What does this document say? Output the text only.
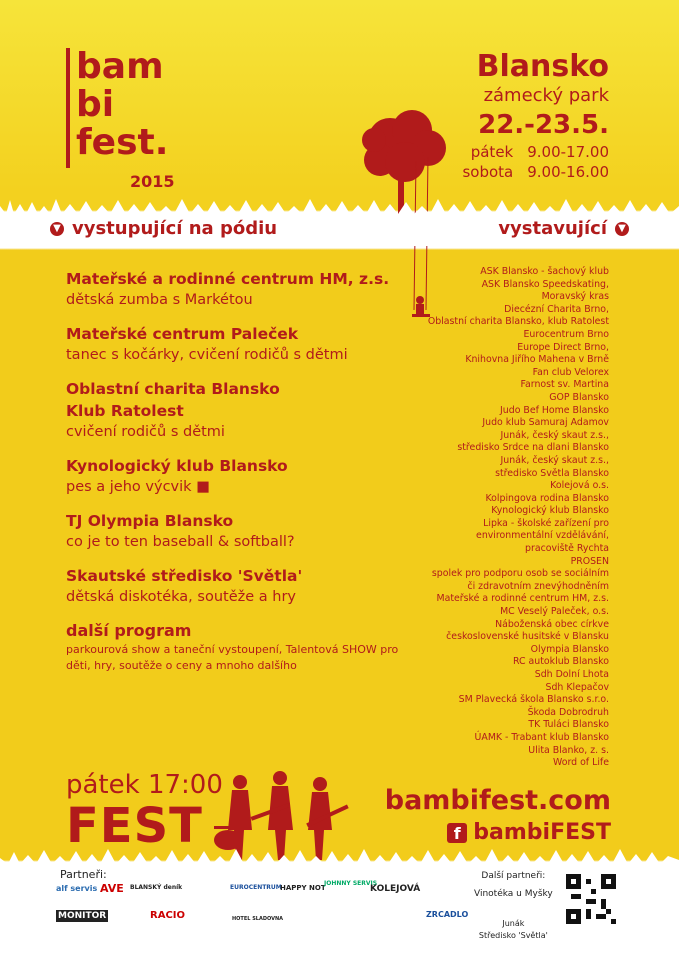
bam
bi
fest.
2015
Blansko
zámecký park
22.-23.5.
pátek 9.00-17.00
sobota 9.00-16.00
▼ vystupující na pódiu	vystavující ▼
Mateřské a rodinné centrum HM, z.s.
dětská zumba s Markétou
Mateřské centrum Paleček
tanec s kočárky, cvičení rodičů s dětmi
Oblastní charita Blansko
Klub Ratolest
cvičení rodičů s dětmi
Kynologický klub Blansko
pes a jeho výcvik ■
TJ Olympia Blansko
co je to ten baseball & softball?
Skautské středisko 'Světla'
dětská diskotéka, soutěže a hry
další program
parkourová show a taneční vystoupení, Talentová SHOW pro děti, hry, soutěže o ceny a mnoho dalšího
ASK Blansko - šachový klub
ASK Blansko Speedskating,
Moravský kras
Diecézní Charita Brno,
Oblastní charita Blansko, klub Ratolest
Eurocentrum Brno
Europe Direct Brno,
Knihovna Jiřího Mahena v Brně
Fan club Velorex
Farnost sv. Martina
GOP Blansko
Judo Bef Home Blansko
Judo klub Samuraj Adamov
Junák, český skaut z.s.,
středisko Srdce na dlani Blansko
Junák, český skaut z.s.,
středisko Světla Blansko
Kolejová o.s.
Kolpingova rodina Blansko
Kynologický klub Blansko
Lipka - školské zařízení pro
environmentální vzdělávání,
pracoviště Rychta
PROSEN
spolek pro podporu osob se sociálním
či zdravotním znevýhodněním
Mateřské a rodinné centrum HM, z.s.
MC Veselý Paleček, o.s.
Náboženská obec církve
československé husitské v Blansku
Olympia Blansko
RC autoklub Blansko
Sdh Dolní Lhota
Sdh Klepačov
SM Plavecká škola Blansko s.r.o.
Škoda Dobrodruh
TK Tuláci Blansko
ÚAMK - Trabant klub Blansko
Ulita Blanko, z. s.
Word of Life
pátek 17:00
FEST	bambifest.com
f bambiFEST
Partneři:
alf servis AVE BLANSKÝ deník	EUROCENTRUM
HAPPY NOT
JOHNNY SERVIS
KOLEJOVÁ
MONITOR	RACIO	HOTEL SLADOVNA	ZRCADLO
Další partneři:
Vinotéka u Myšky
Junák
Středisko 'Světla'
